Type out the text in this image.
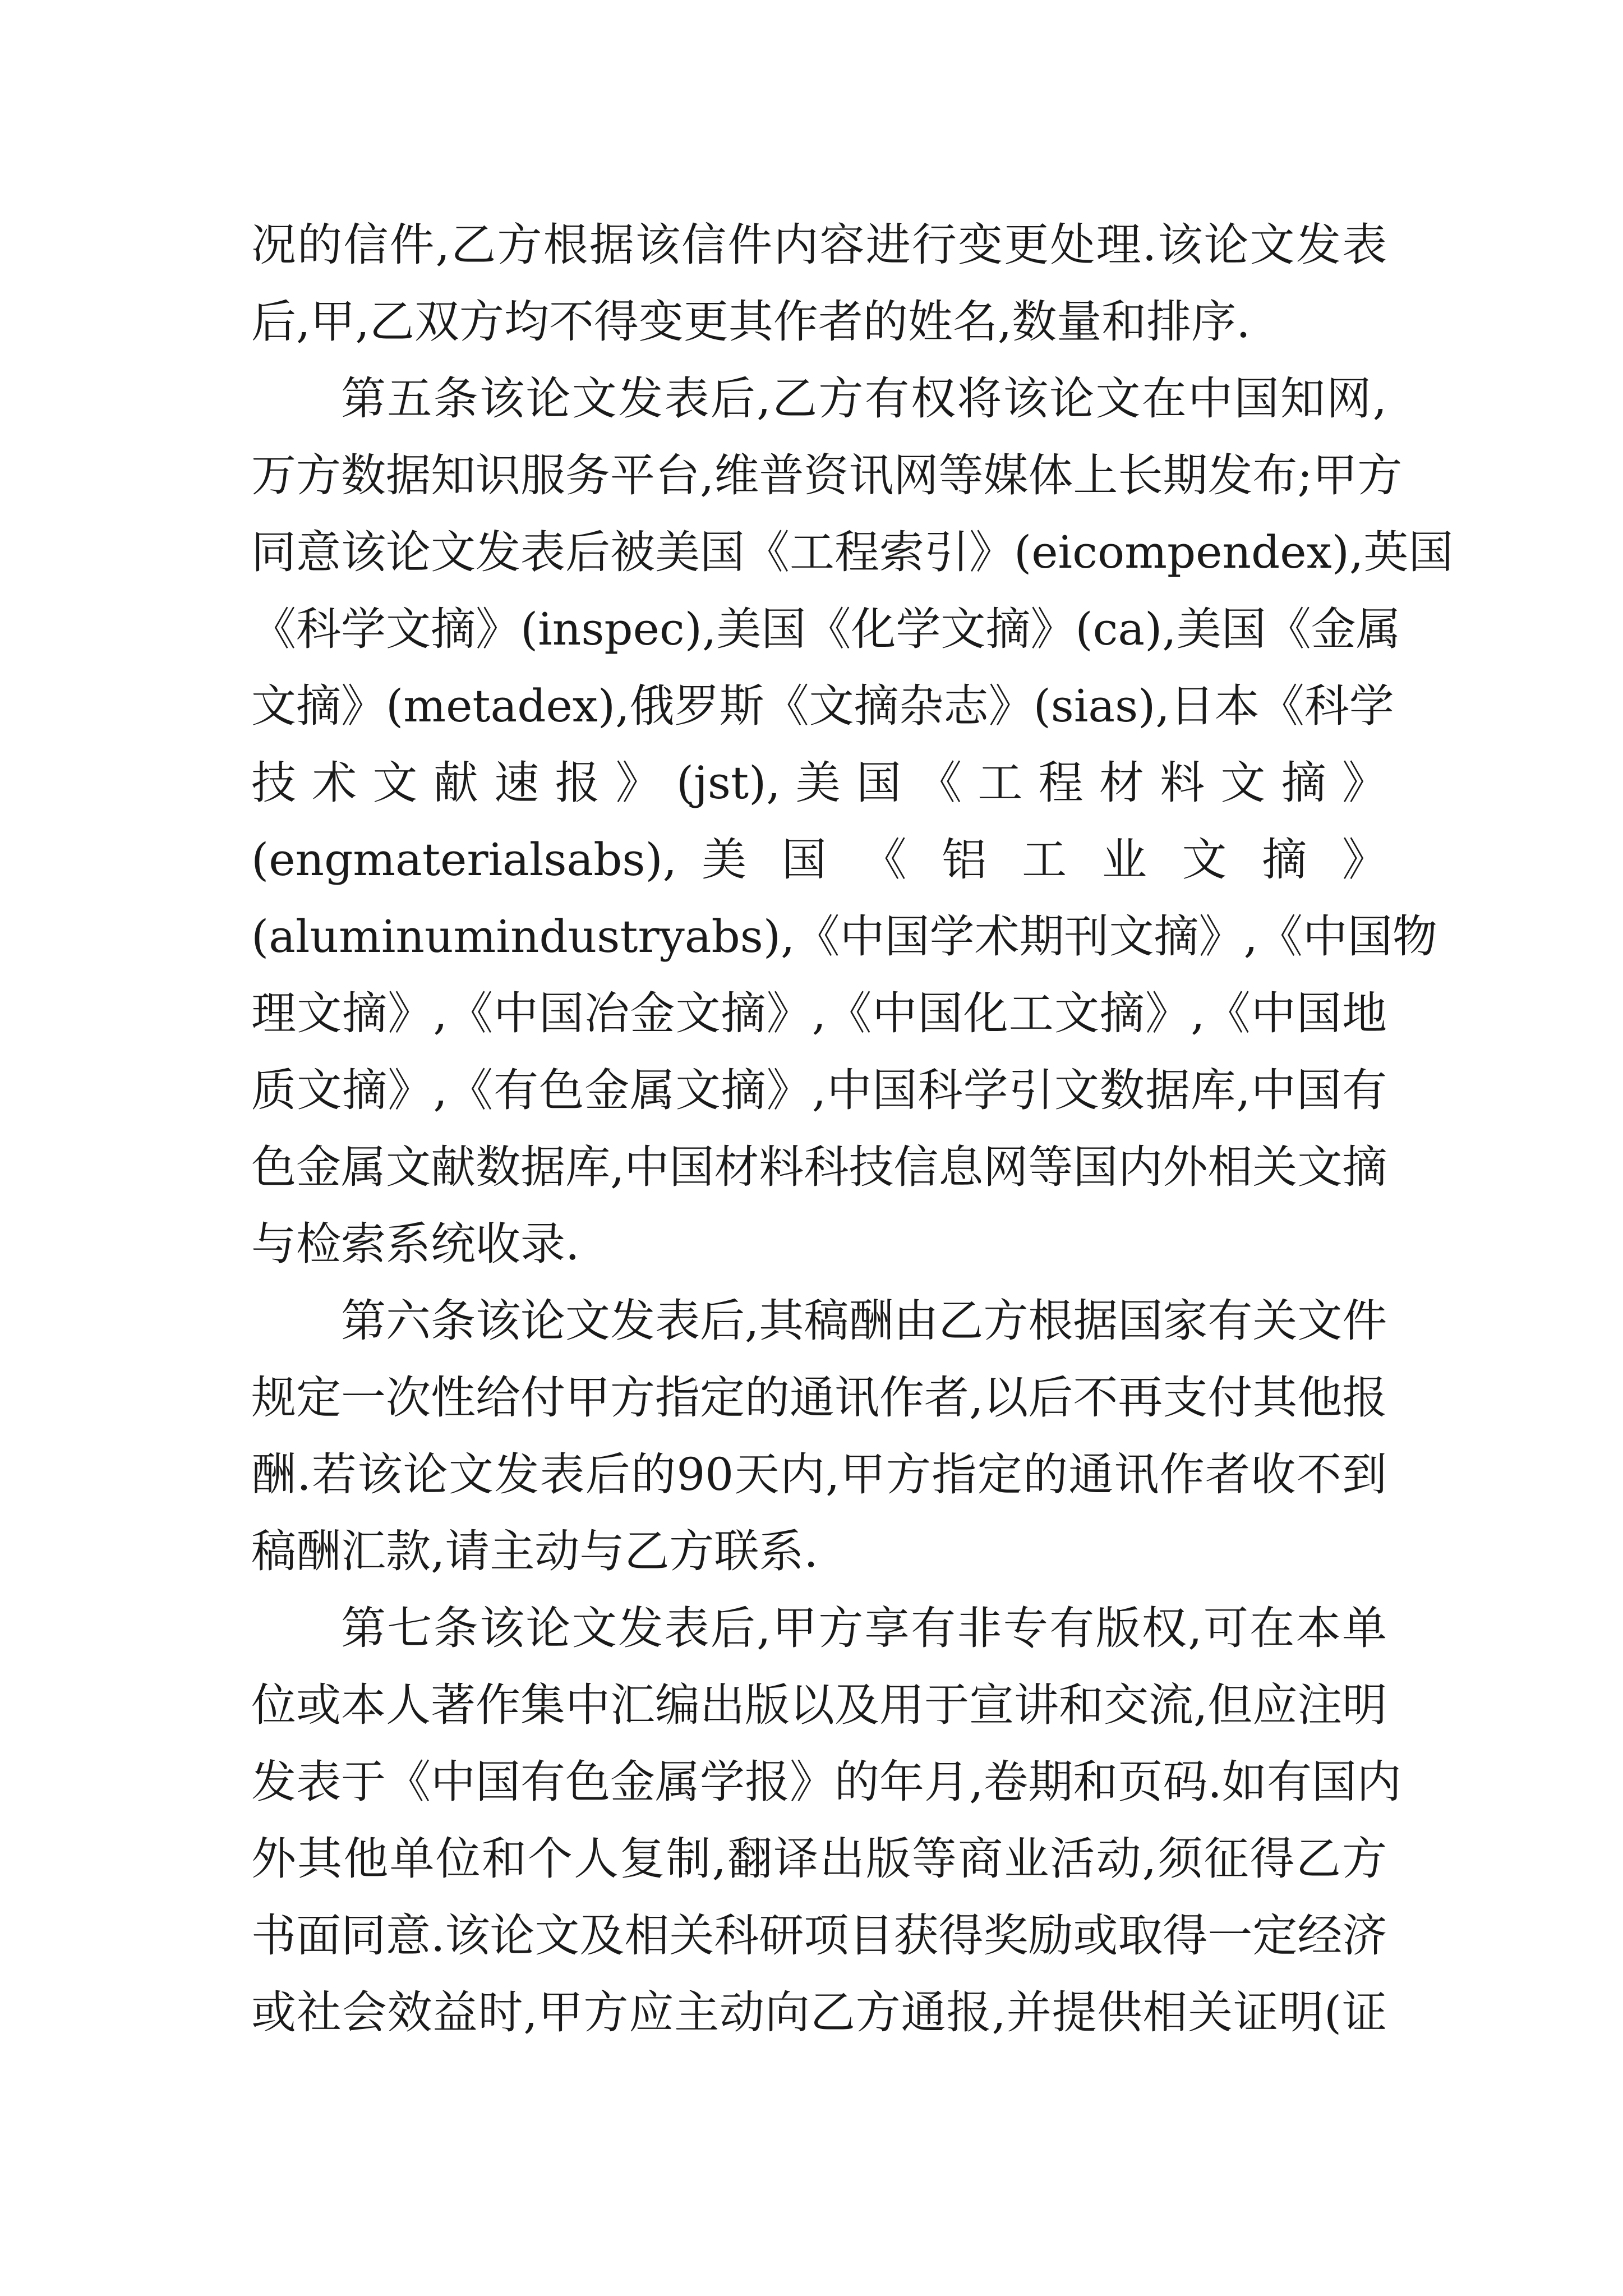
况的信件,乙方根据该信件内容进行变更处理.该论文发表
后,甲,乙双方均不得变更其作者的姓名,数量和排序.
第五条该论文发表后,乙方有权将该论文在中国知网,
万方数据知识服务平台,维普资讯网等媒体上长期发布;甲方
同意该论文发表后被美国《工程索引》(eicompendex),英国
《科学文摘》(inspec),美国《化学文摘》(ca),美国《金属
文摘》(metadex),俄罗斯《文摘杂志》(sias),日本《科学
技 术 文 献 速 报 》 (jst), 美 国 《 工 程 材 料 文 摘 》
(engmaterialsabs), 美 国 《 铝 工 业 文 摘 》
(aluminumindustryabs),《中国学术期刊文摘》,《中国物
理文摘》,《中国冶金文摘》,《中国化工文摘》,《中国地
质文摘》,《有色金属文摘》,中国科学引文数据库,中国有
色金属文献数据库,中国材料科技信息网等国内外相关文摘
与检索系统收录.
第六条该论文发表后,其稿酬由乙方根据国家有关文件
规定一次性给付甲方指定的通讯作者,以后不再支付其他报
酬.若该论文发表后的90天内,甲方指定的通讯作者收不到
稿酬汇款,请主动与乙方联系.
第七条该论文发表后,甲方享有非专有版权,可在本单
位或本人著作集中汇编出版以及用于宣讲和交流,但应注明
发表于《中国有色金属学报》的年月,卷期和页码.如有国内
外其他单位和个人复制,翻译出版等商业活动,须征得乙方
书面同意.该论文及相关科研项目获得奖励或取得一定经济
或社会效益时,甲方应主动向乙方通报,并提供相关证明(证
